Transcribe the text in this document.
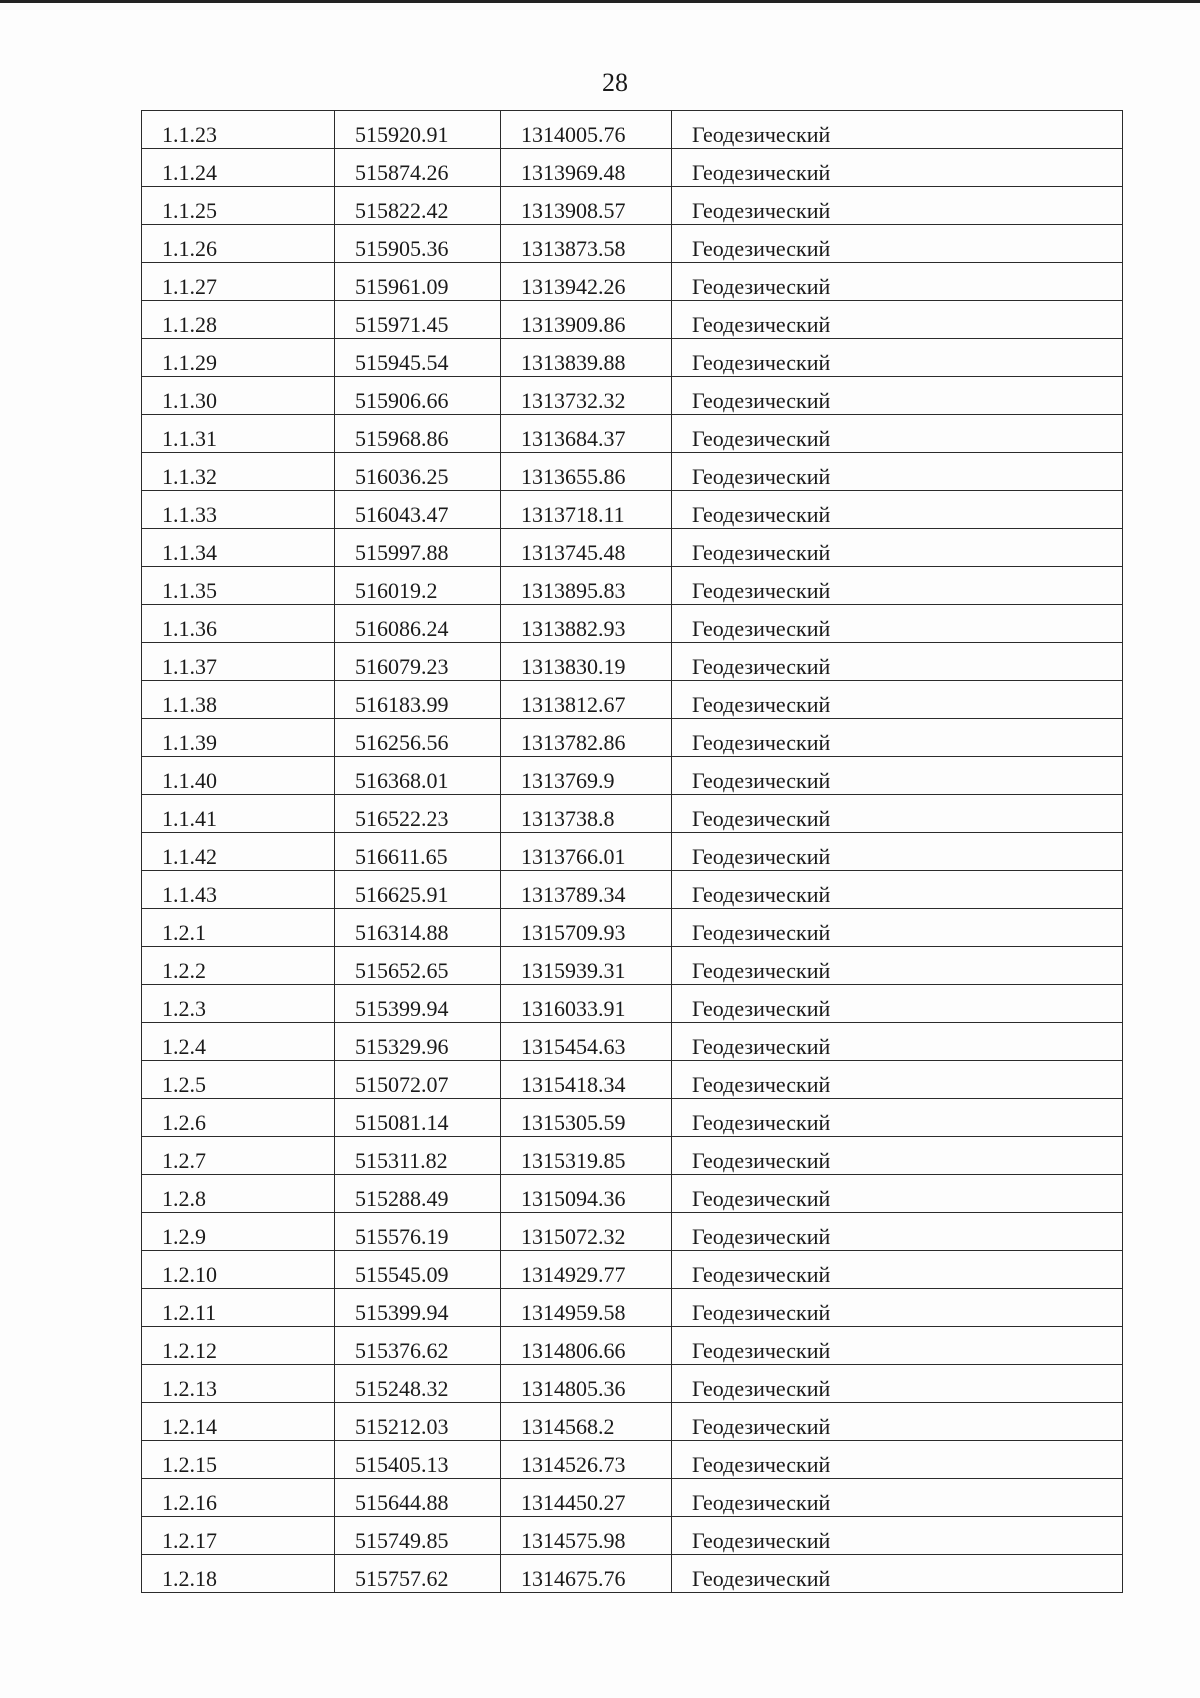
28
1.1.23	515920.91	1314005.76	Геодезический
1.1.24	515874.26	1313969.48	Геодезический
1.1.25	515822.42	1313908.57	Геодезический
1.1.26	515905.36	1313873.58	Геодезический
1.1.27	515961.09	1313942.26	Геодезический
1.1.28	515971.45	1313909.86	Геодезический
1.1.29	515945.54	1313839.88	Геодезический
1.1.30	515906.66	1313732.32	Геодезический
1.1.31	515968.86	1313684.37	Геодезический
1.1.32	516036.25	1313655.86	Геодезический
1.1.33	516043.47	1313718.11	Геодезический
1.1.34	515997.88	1313745.48	Геодезический
1.1.35	516019.2	1313895.83	Геодезический
1.1.36	516086.24	1313882.93	Геодезический
1.1.37	516079.23	1313830.19	Геодезический
1.1.38	516183.99	1313812.67	Геодезический
1.1.39	516256.56	1313782.86	Геодезический
1.1.40	516368.01	1313769.9	Геодезический
1.1.41	516522.23	1313738.8	Геодезический
1.1.42	516611.65	1313766.01	Геодезический
1.1.43	516625.91	1313789.34	Геодезический
1.2.1	516314.88	1315709.93	Геодезический
1.2.2	515652.65	1315939.31	Геодезический
1.2.3	515399.94	1316033.91	Геодезический
1.2.4	515329.96	1315454.63	Геодезический
1.2.5	515072.07	1315418.34	Геодезический
1.2.6	515081.14	1315305.59	Геодезический
1.2.7	515311.82	1315319.85	Геодезический
1.2.8	515288.49	1315094.36	Геодезический
1.2.9	515576.19	1315072.32	Геодезический
1.2.10	515545.09	1314929.77	Геодезический
1.2.11	515399.94	1314959.58	Геодезический
1.2.12	515376.62	1314806.66	Геодезический
1.2.13	515248.32	1314805.36	Геодезический
1.2.14	515212.03	1314568.2	Геодезический
1.2.15	515405.13	1314526.73	Геодезический
1.2.16	515644.88	1314450.27	Геодезический
1.2.17	515749.85	1314575.98	Геодезический
1.2.18	515757.62	1314675.76	Геодезический
